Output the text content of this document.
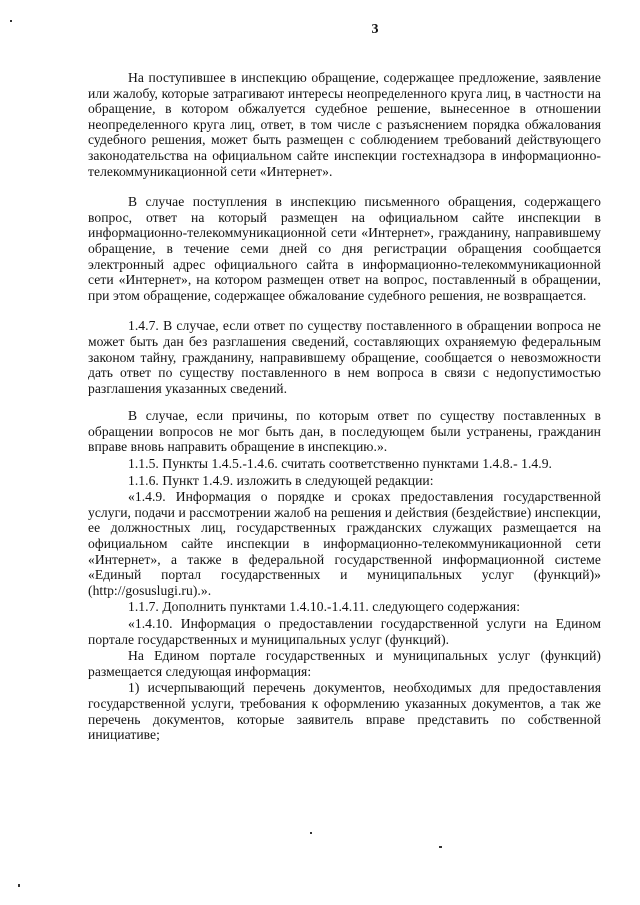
3

На поступившее в инспекцию обращение, содержащее предложение, заявление или жалобу, которые затрагивают интересы неопределенного круга лиц, в частности на обращение, в котором обжалуется судебное решение, вынесенное в отношении неопределенного круга лиц, ответ, в том числе с разъяснением порядка обжалования судебного решения, может быть размещен с соблюдением требований действующего законодательства на официальном сайте инспекции гостехнадзора в информационно-телекоммуникационной сети «Интернет».

В случае поступления в инспекцию письменного обращения, содержащего вопрос, ответ на который размещен на официальном сайте инспекции в информационно-телекоммуникационной сети «Интернет», гражданину, направившему обращение, в течение семи дней со дня регистрации обращения сообщается электронный адрес официального сайта в информационно-телекоммуникационной сети «Интернет», на котором размещен ответ на вопрос, поставленный в обращении, при этом обращение, содержащее обжалование судебного решения, не возвращается.

1.4.7. В случае, если ответ по существу поставленного в обращении вопроса не может быть дан без разглашения сведений, составляющих охраняемую федеральным законом тайну, гражданину, направившему обращение, сообщается о невозможности дать ответ по существу поставленного в нем вопроса в связи с недопустимостью разглашения указанных сведений.

В случае, если причины, по которым ответ по существу поставленных в обращении вопросов не мог быть дан, в последующем были устранены, гражданин вправе вновь направить обращение в инспекцию.».

1.1.5. Пункты 1.4.5.-1.4.6. считать соответственно пунктами 1.4.8.- 1.4.9.

1.1.6. Пункт 1.4.9. изложить в следующей редакции:

«1.4.9. Информация о порядке и сроках предоставления государственной услуги, подачи и рассмотрении жалоб на решения и действия (бездействие) инспекции, ее должностных лиц, государственных гражданских служащих размещается на официальном сайте инспекции в информационно-телекоммуникационной сети «Интернет», а также в федеральной государственной информационной системе «Единый портал государственных и муниципальных услуг (функций)» (http://gosuslugi.ru).».

1.1.7. Дополнить пунктами 1.4.10.-1.4.11. следующего содержания:

«1.4.10. Информация о предоставлении государственной услуги на Едином портале государственных и муниципальных услуг (функций).

На Едином портале государственных и муниципальных услуг (функций) размещается следующая информация:

1) исчерпывающий перечень документов, необходимых для предоставления государственной услуги, требования к оформлению указанных документов, а так же перечень документов, которые заявитель вправе представить по собственной инициативе;
